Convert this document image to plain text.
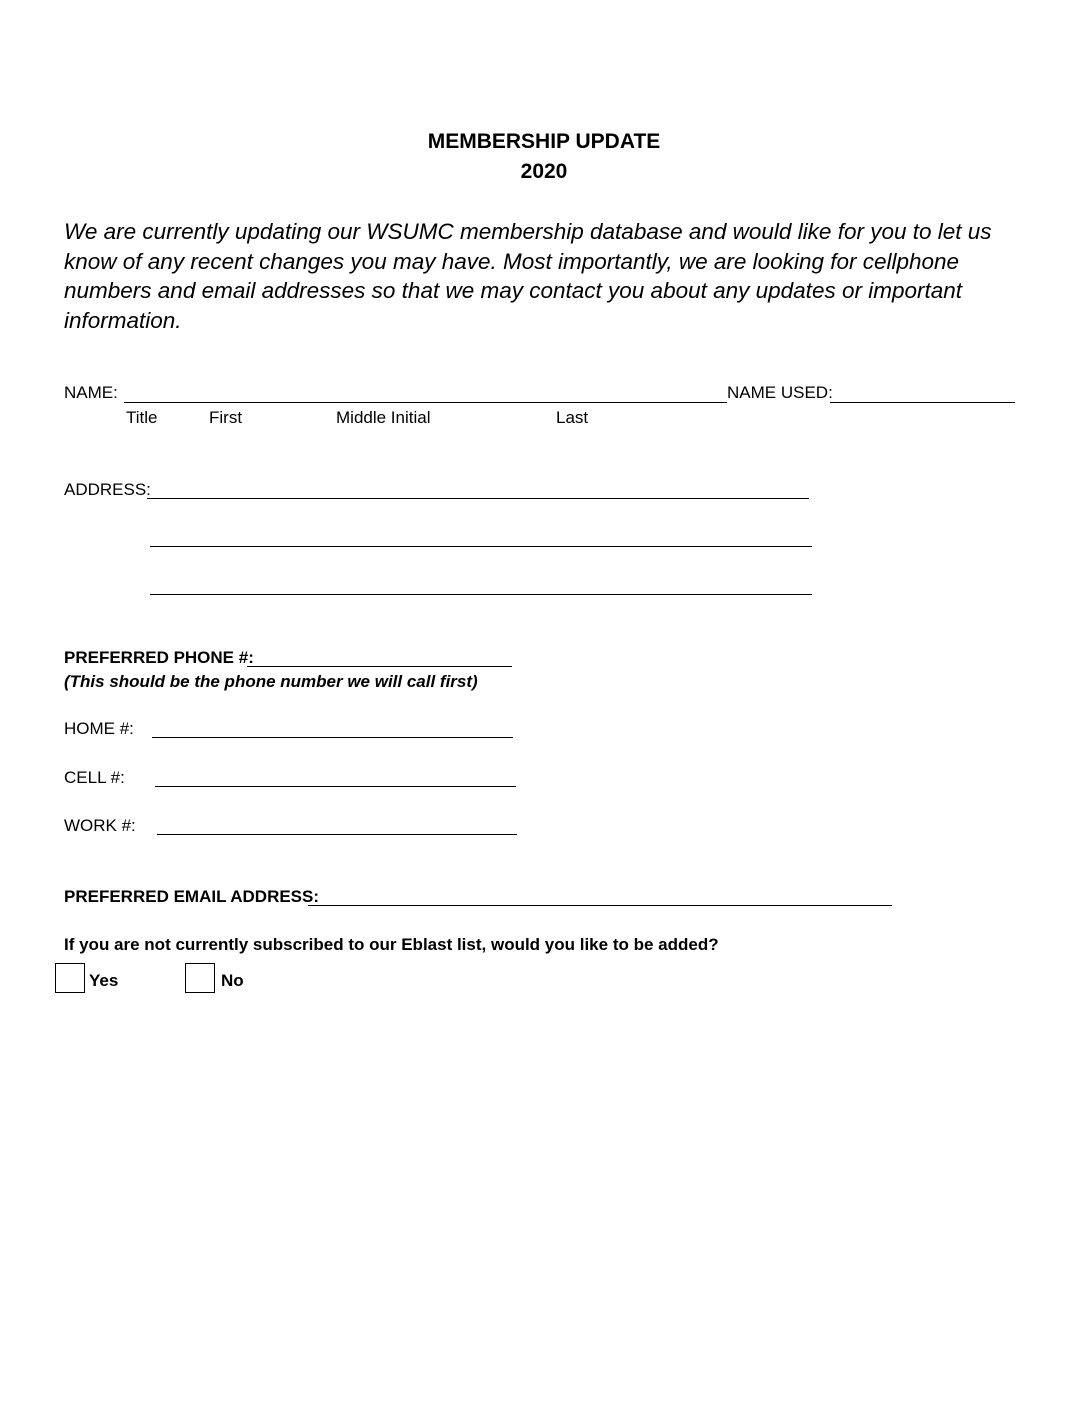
MEMBERSHIP UPDATE
2020
We are currently updating our WSUMC membership database and would like for you to let us know of any recent changes you may have. Most importantly, we are looking for cellphone numbers and email addresses so that we may contact you about any updates or important information.
NAME:	NAME USED:
Title	First	Middle Initial	Last
ADDRESS:
PREFERRED PHONE #:
(This should be the phone number we will call first)
HOME #:
CELL #:
WORK #:
PREFERRED EMAIL ADDRESS:
If you are not currently subscribed to our Eblast list, would you like to be added?
Yes	No
